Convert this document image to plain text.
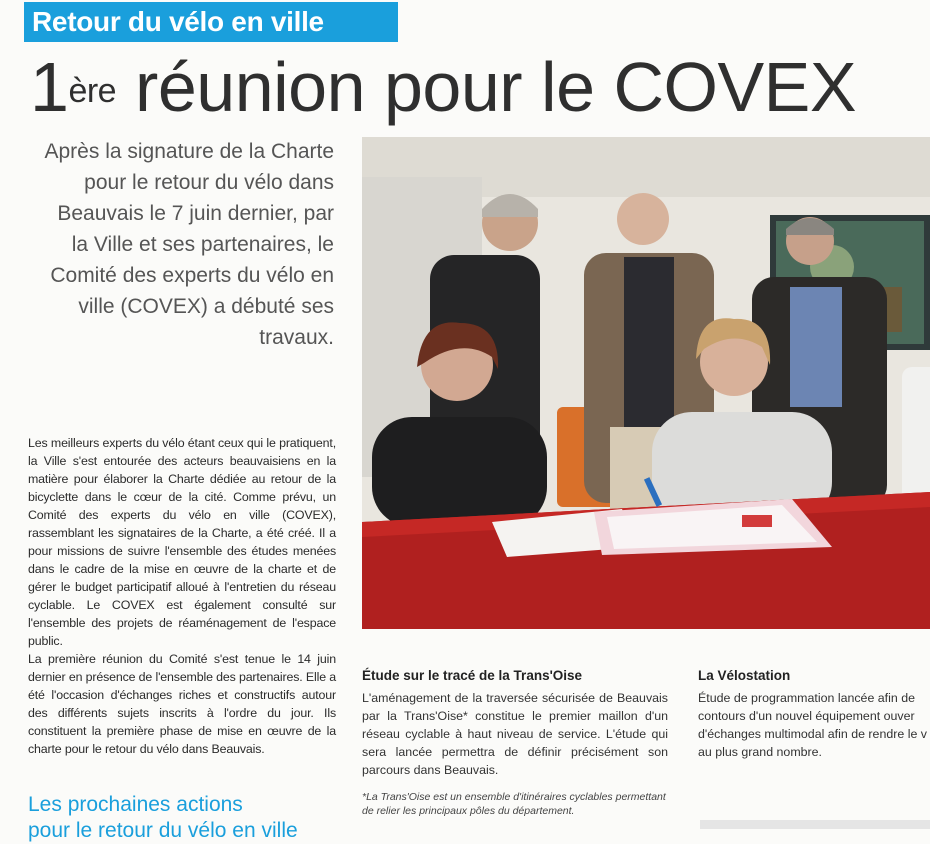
Retour du vélo en ville
1ère réunion pour le COVEX
Après la signature de la Charte pour le retour du vélo dans Beauvais le 7 juin dernier, par la Ville et ses partenaires, le Comité des experts du vélo en ville (COVEX) a débuté ses travaux.

Les meilleurs experts du vélo étant ceux qui le pratiquent, la Ville s'est entourée des acteurs beauvaisiens en la matière pour élaborer la Charte dédiée au retour de la bicyclette dans le cœur de la cité. Comme prévu, un Comité des experts du vélo en ville (COVEX), rassemblant les signataires de la Charte, a été créé. Il a pour missions de suivre l'ensemble des études menées dans le cadre de la mise en œuvre de la charte et de gérer le budget participatif alloué à l'entretien du réseau cyclable. Le COVEX est également consulté sur l'ensemble des projets de réaménagement de l'espace public.

La première réunion du Comité s'est tenue le 14 juin dernier en présence de l'ensemble des partenaires. Elle a été l'occasion d'échanges riches et constructifs autour des différents sujets inscrits à l'ordre du jour. Ils constituent la première phase de mise en œuvre de la charte pour le retour du vélo dans Beauvais.

Les prochaines actions
pour le retour du vélo en ville
Étude sur le tracé de la Trans'Oise
L'aménagement de la traversée sécurisée de Beauvais par la Trans'Oise* constitue le premier maillon d'un réseau cyclable à haut niveau de service. L'étude qui sera lancée permettra de définir précisément son parcours dans Beauvais.
*La Trans'Oise est un ensemble d'itinéraires cyclables permettant de relier les principaux pôles du département.
La Vélostation
Étude de programmation lancée afin de contours d'un nouvel équipement ouver d'échanges multimodal afin de rendre le v au plus grand nombre.
